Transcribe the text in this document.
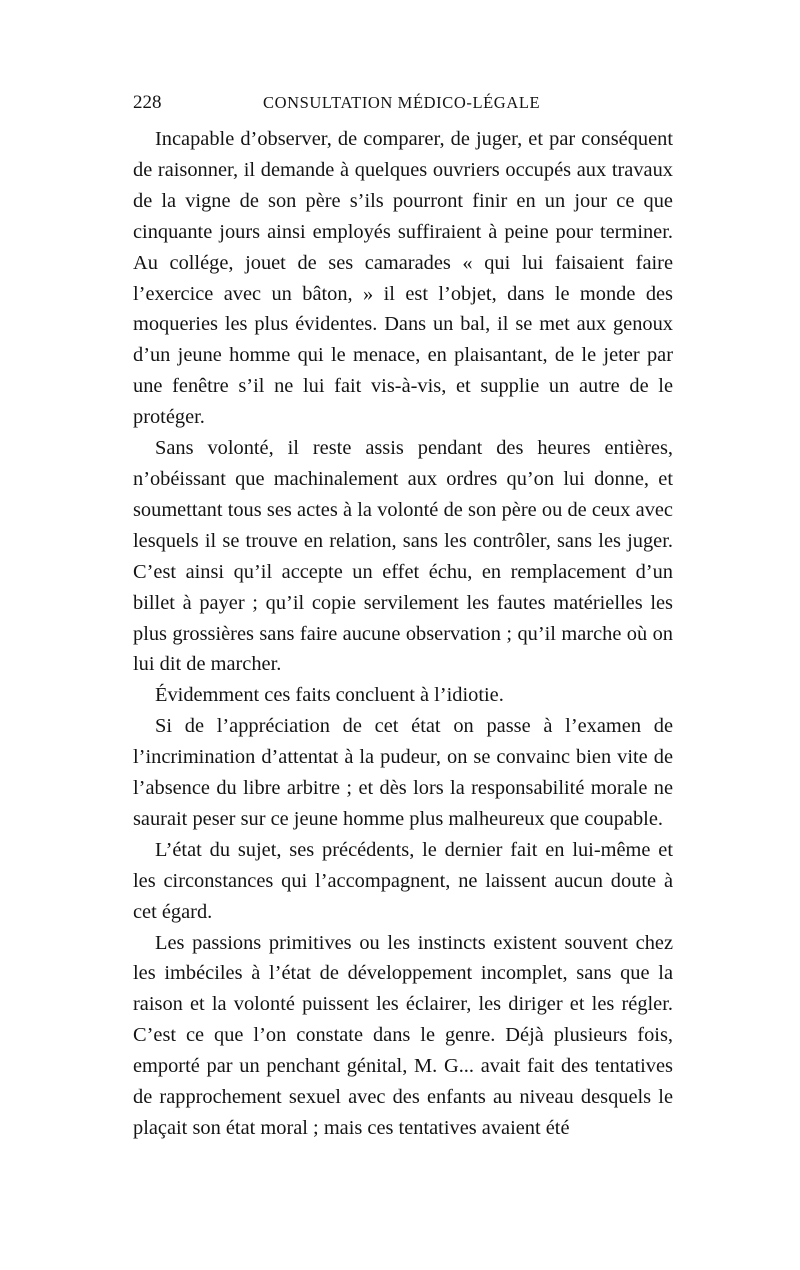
228	CONSULTATION MÉDICO-LÉGALE

Incapable d’observer, de comparer, de juger, et par conséquent de raisonner, il demande à quelques ouvriers occupés aux travaux de la vigne de son père s’ils pourront finir en un jour ce que cinquante jours ainsi employés suffiraient à peine pour terminer. Au collége, jouet de ses camarades « qui lui faisaient faire l’exercice avec un bâton, » il est l’objet, dans le monde des moqueries les plus évidentes. Dans un bal, il se met aux genoux d’un jeune homme qui le menace, en plaisantant, de le jeter par une fenêtre s’il ne lui fait vis-à-vis, et supplie un autre de le protéger.

Sans volonté, il reste assis pendant des heures entières, n’obéissant que machinalement aux ordres qu’on lui donne, et soumettant tous ses actes à la volonté de son père ou de ceux avec lesquels il se trouve en relation, sans les contrôler, sans les juger. C’est ainsi qu’il accepte un effet échu, en remplacement d’un billet à payer ; qu’il copie servilement les fautes matérielles les plus grossières sans faire aucune observation ; qu’il marche où on lui dit de marcher.

Évidemment ces faits concluent à l’idiotie.

Si de l’appréciation de cet état on passe à l’examen de l’incrimination d’attentat à la pudeur, on se convainc bien vite de l’absence du libre arbitre ; et dès lors la responsabilité morale ne saurait peser sur ce jeune homme plus malheureux que coupable.

L’état du sujet, ses précédents, le dernier fait en lui-même et les circonstances qui l’accompagnent, ne laissent aucun doute à cet égard.

Les passions primitives ou les instincts existent souvent chez les imbéciles à l’état de développement incomplet, sans que la raison et la volonté puissent les éclairer, les diriger et les régler. C’est ce que l’on constate dans le genre. Déjà plusieurs fois, emporté par un penchant génital, M. G... avait fait des tentatives de rapprochement sexuel avec des enfants au niveau desquels le plaçait son état moral ; mais ces tentatives avaient été
